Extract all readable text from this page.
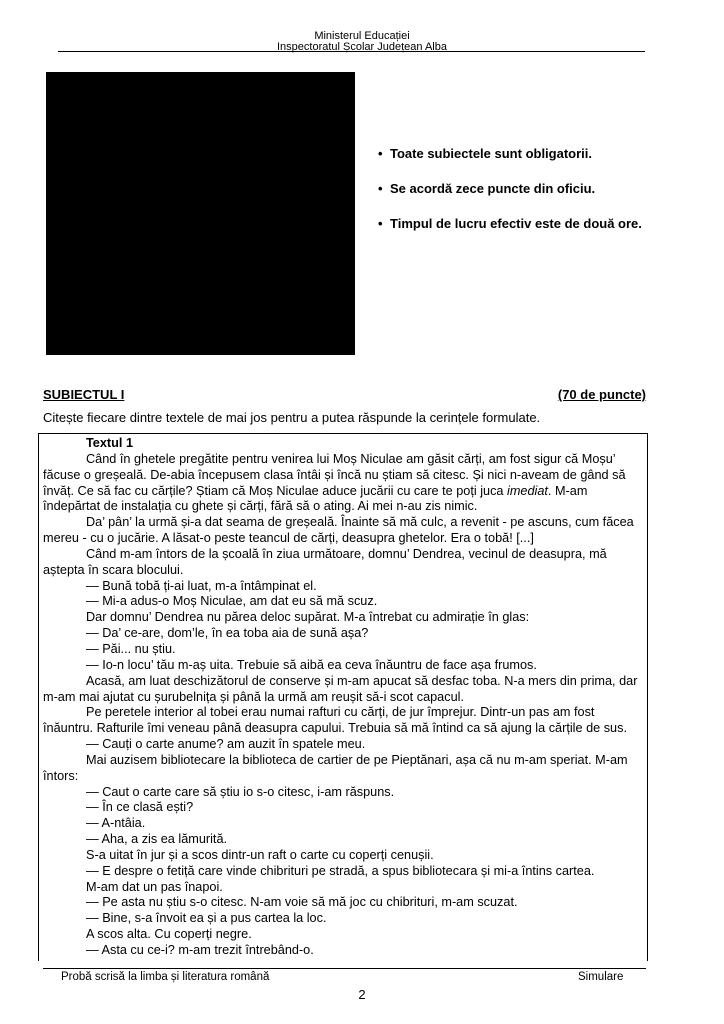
Ministerul Educației
Inspectoratul Școlar Județean Alba
• Toate subiectele sunt obligatorii.
• Se acordă zece puncte din oficiu.
• Timpul de lucru efectiv este de două ore.
SUBIECTUL I	(70 de puncte)
Citește fiecare dintre textele de mai jos pentru a putea răspunde la cerințele formulate.

Textul 1

Când în ghetele pregătite pentru venirea lui Moș Niculae am găsit cărți, am fost sigur că Moșu’ făcuse o greșeală. De-abia începusem clasa întâi și încă nu știam să citesc. Și nici n-aveam de gând să învăț. Ce să fac cu cărțile? Știam că Moș Niculae aduce jucării cu care te poți juca imediat. M-am îndepărtat de instalația cu ghete și cărți, fără să o ating. Ai mei n-au zis nimic.

Da’ pân’ la urmă și-a dat seama de greșeală. Înainte să mă culc, a revenit - pe ascuns, cum făcea mereu - cu o jucărie. A lăsat-o peste teancul de cărți, deasupra ghetelor. Era o tobă! [...]

Când m-am întors de la școală în ziua următoare, domnu’ Dendrea, vecinul de deasupra, mă aștepta în scara blocului.

— Bună tobă ți-ai luat, m-a întâmpinat el.

— Mi-a adus-o Moș Niculae, am dat eu să mă scuz.

Dar domnu’ Dendrea nu părea deloc supărat. M-a întrebat cu admirație în glas:

— Da’ ce-are, dom’le, în ea toba aia de sună așa?

— Păi... nu știu.

— Io-n locu’ tău m-aș uita. Trebuie să aibă ea ceva înăuntru de face așa frumos.

Acasă, am luat deschizătorul de conserve și m-am apucat să desfac toba. N-a mers din prima, dar m-am mai ajutat cu șurubelnița și până la urmă am reușit să-i scot capacul.

Pe peretele interior al tobei erau numai rafturi cu cărți, de jur împrejur. Dintr-un pas am fost înăuntru. Rafturile îmi veneau până deasupra capului. Trebuia să mă întind ca să ajung la cărțile de sus.

— Cauți o carte anume? am auzit în spatele meu.

Mai auzisem bibliotecare la biblioteca de cartier de pe Pieptănari, așa că nu m-am speriat. M-am întors:

— Caut o carte care să știu io s-o citesc, i-am răspuns.

— În ce clasă ești?

— A-ntâia.

— Aha, a zis ea lămurită.

S-a uitat în jur și a scos dintr-un raft o carte cu coperți cenușii.

— E despre o fetiță care vinde chibrituri pe stradă, a spus bibliotecara și mi-a întins cartea.

M-am dat un pas înapoi.

— Pe asta nu știu s-o citesc. N-am voie să mă joc cu chibrituri, m-am scuzat.

— Bine, s-a învoit ea și a pus cartea la loc.

A scos alta. Cu coperți negre.

— Asta cu ce-i? m-am trezit întrebând-o.

Probă scrisă la limba și literatura română	Simulare
2
